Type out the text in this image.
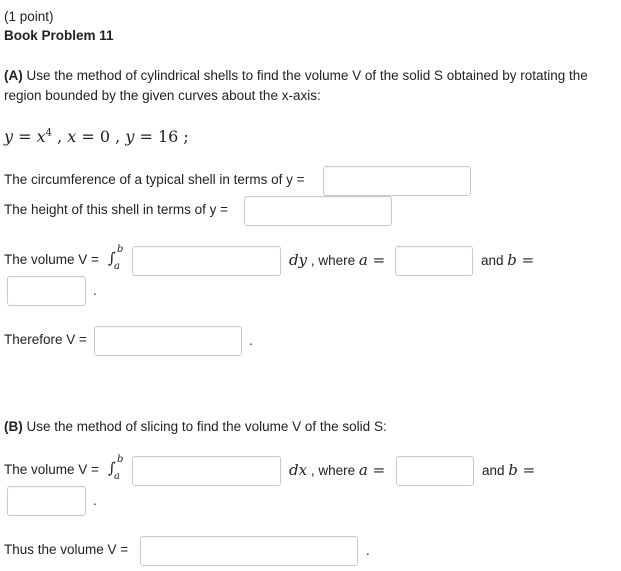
(1 point)
Book Problem 11
(A) Use the method of cylindrical shells to find the volume V of the solid S obtained by rotating the
region bounded by the given curves about the x-axis:
$y = x^4$ , x = 0 , y = 16 ;
The circumference of a typical shell in terms of y =
The height of this shell in terms of y =
The volume V = ∫ b
a	dy , where a =	and b =
.
Therefore V =	.
(B) Use the method of slicing to find the volume V of the solid S:
The volume V = ∫ b
a	dx , where a =	and b =
.
Thus the volume V =	.
